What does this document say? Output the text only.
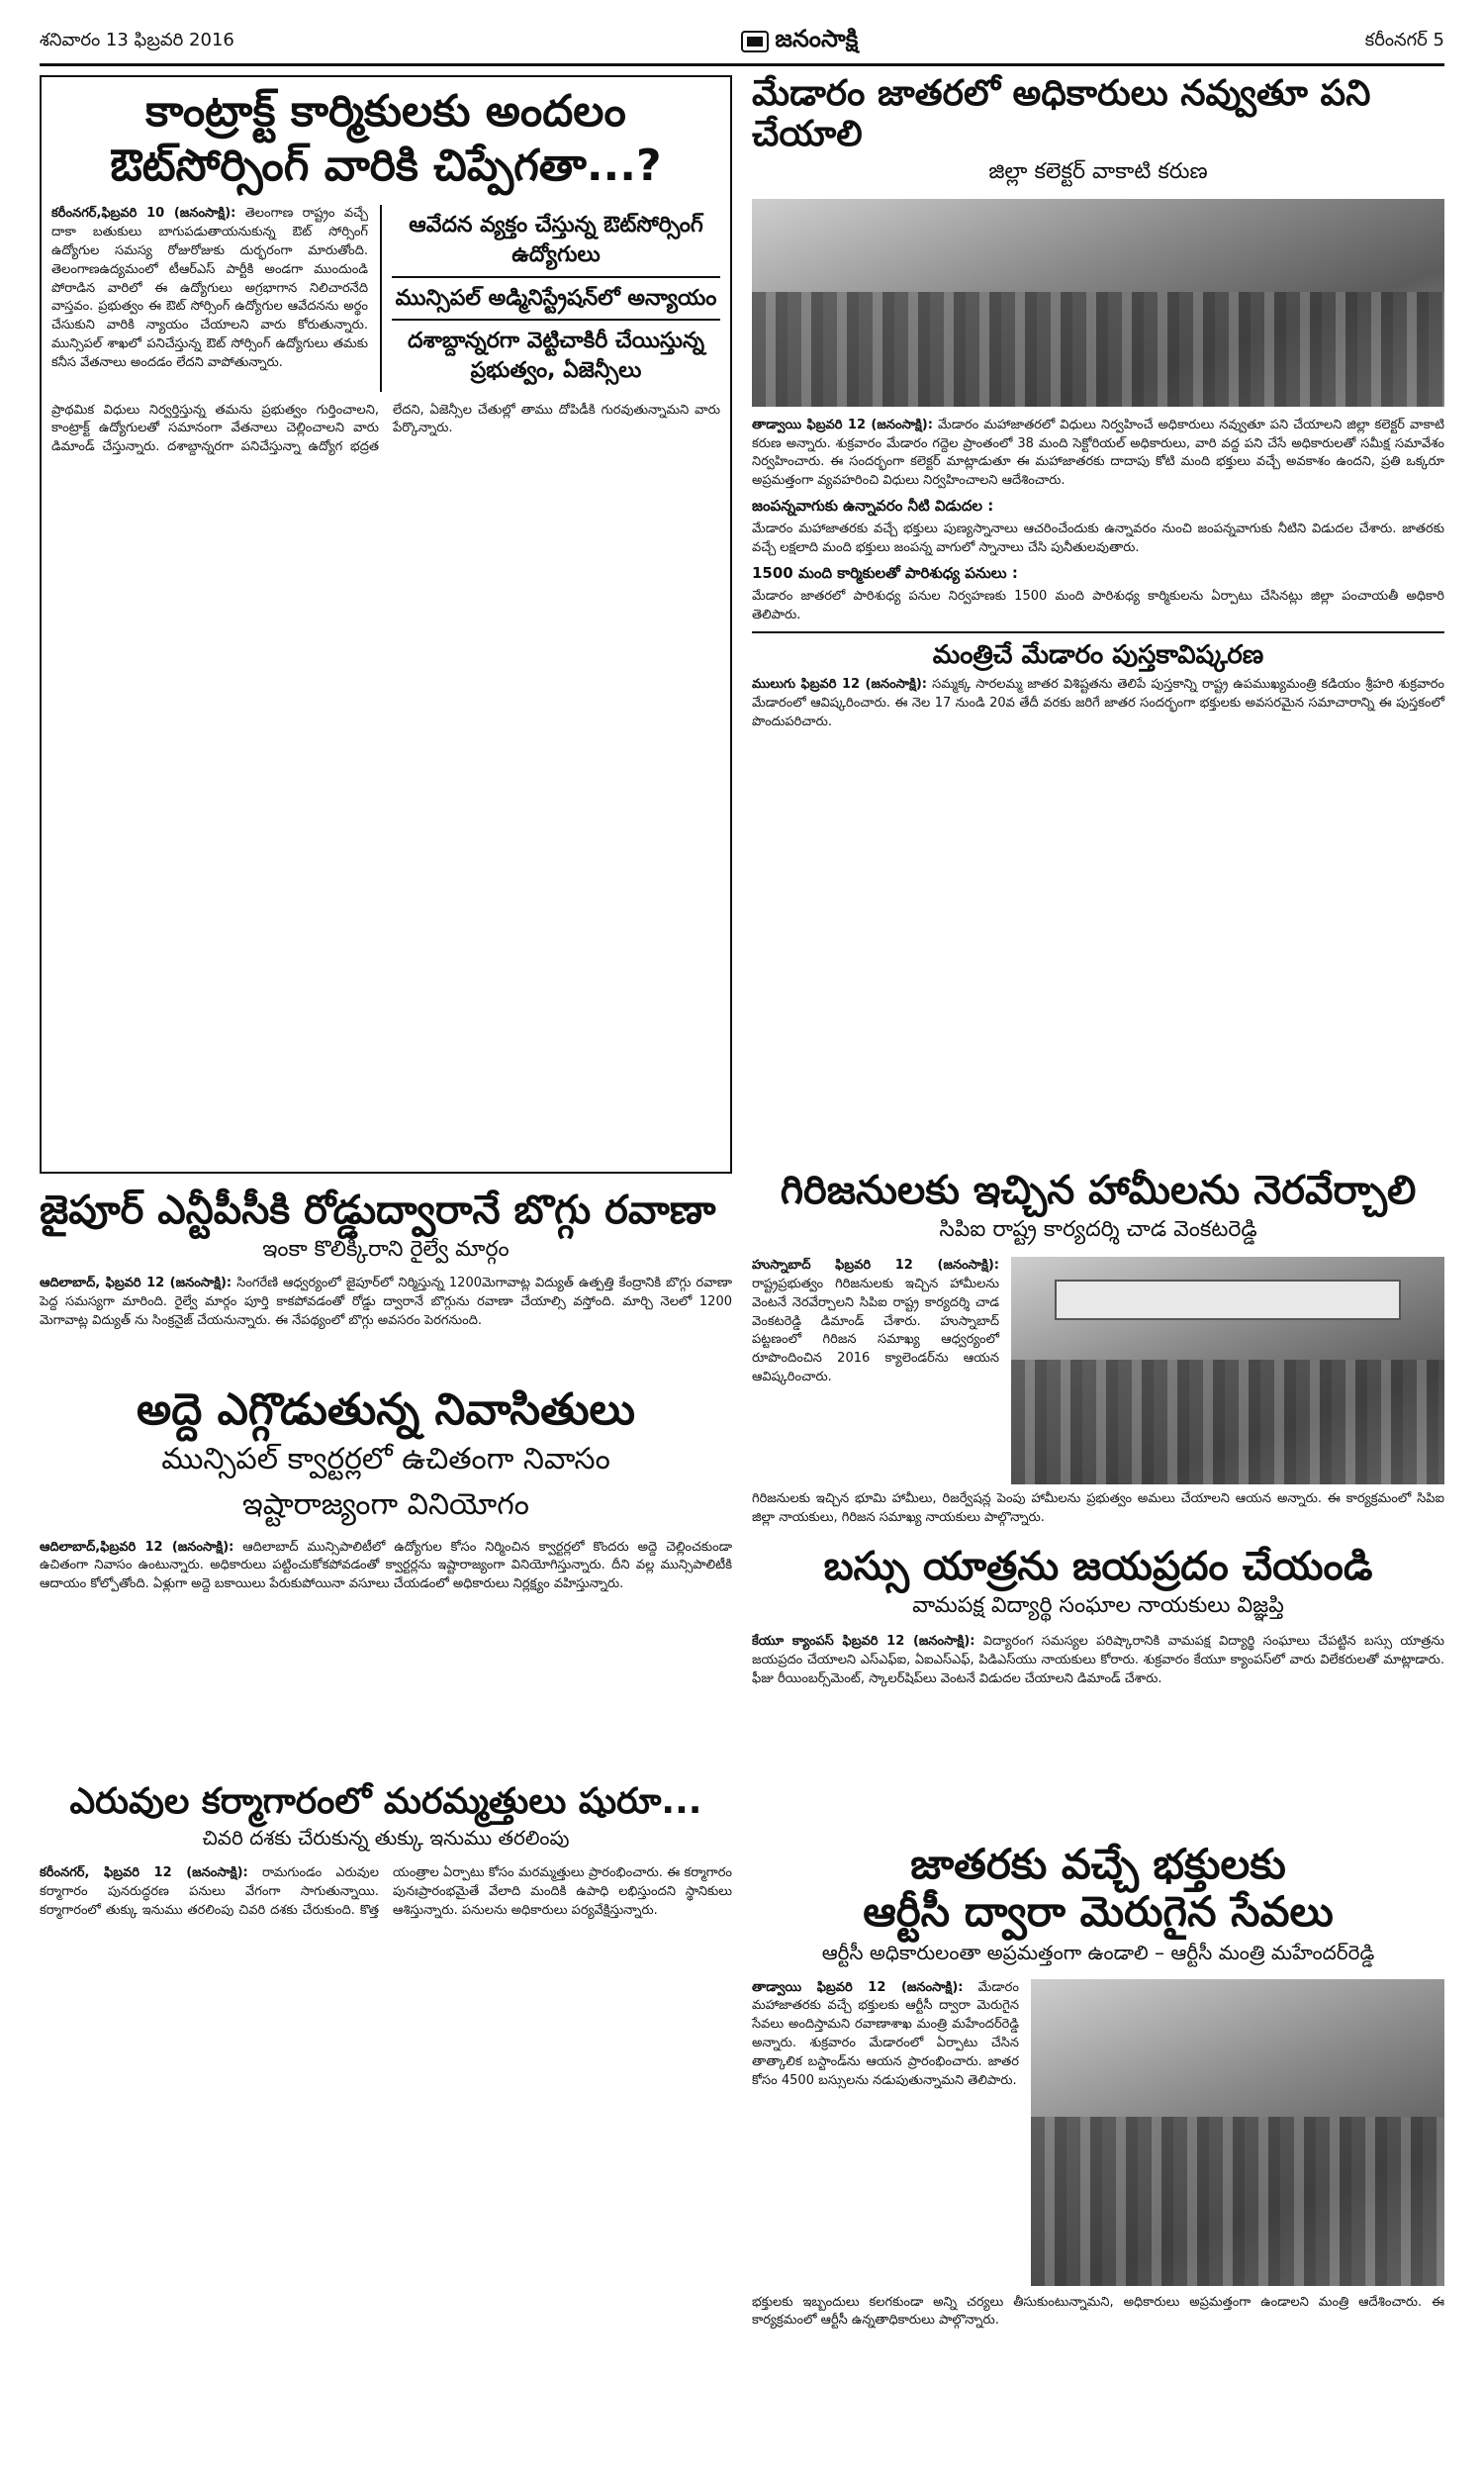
శనివారం 13 ఫిబ్రవరి 2016	జనంసాక్షి	కరీంనగర్ 5
కాంట్రాక్ట్ కార్మికులకు అందలం
ఔట్‌సోర్సింగ్ వారికి చిప్పేగతా...?
కరీంనగర్,ఫిబ్రవరి 10 (జనంసాక్షి): తెలంగాణ రాష్ట్రం వచ్చే దాకా బతుకులు బాగుపడుతాయనుకున్న ఔట్ సోర్సింగ్ ఉద్యోగుల సమస్య రోజురోజుకు దుర్భరంగా మారుతోంది. తెలంగాణఉద్యమంలో టీఆర్ఎస్ పార్టీకి అండగా ముందుండి పోరాడిన వారిలో ఈ ఉద్యోగులు అగ్రభాగాన నిలిచారనేది వాస్తవం. ప్రభుత్వం ఈ ఔట్ సోర్సింగ్ ఉద్యోగుల ఆవేదనను అర్థం చేసుకుని వారికి న్యాయం చేయాలని వారు కోరుతున్నారు. మున్సిపల్ శాఖలో పనిచేస్తున్న ఔట్ సోర్సింగ్ ఉద్యోగులు తమకు కనీస వేతనాలు అందడం లేదని వాపోతున్నారు.
ఆవేదన వ్యక్తం చేస్తున్న ఔట్‌సోర్సింగ్ ఉద్యోగులు
మున్సిపల్ అడ్మినిస్ట్రేషన్‌లో అన్యాయం
దశాబ్దాన్నరగా వెట్టిచాకిరీ చేయిస్తున్న ప్రభుత్వం, ఏజెన్సీలు
ప్రాథమిక విధులు నిర్వర్తిస్తున్న తమను ప్రభుత్వం గుర్తించాలని, కాంట్రాక్ట్ ఉద్యోగులతో సమానంగా వేతనాలు చెల్లించాలని వారు డిమాండ్ చేస్తున్నారు. దశాబ్దాన్నరగా పనిచేస్తున్నా ఉద్యోగ భద్రత లేదని, ఏజెన్సీల చేతుల్లో తాము దోపిడీకి గురవుతున్నామని వారు పేర్కొన్నారు.
మేడారం జాతరలో అధికారులు నవ్వుతూ పని చేయాలి
జిల్లా కలెక్టర్ వాకాటి కరుణ
తాడ్వాయి ఫిబ్రవరి 12 (జనంసాక్షి): మేడారం మహాజాతరలో విధులు నిర్వహించే అధికారులు నవ్వుతూ పని చేయాలని జిల్లా కలెక్టర్ వాకాటి కరుణ అన్నారు. శుక్రవారం మేడారం గద్దెల ప్రాంతంలో 38 మంది సెక్టోరియల్ అధికారులు, వారి వద్ద పని చేసే అధికారులతో సమీక్ష సమావేశం నిర్వహించారు. ఈ సందర్భంగా కలెక్టర్ మాట్లాడుతూ ఈ మహాజాతరకు దాదాపు కోటి మంది భక్తులు వచ్చే అవకాశం ఉందని, ప్రతి ఒక్కరూ అప్రమత్తంగా వ్యవహరించి విధులు నిర్వహించాలని ఆదేశించారు.
జంపన్నవాగుకు ఉన్నావరం నీటి విడుదల :
మేడారం మహాజాతరకు వచ్చే భక్తులు పుణ్యస్నానాలు ఆచరించేందుకు ఉన్నావరం నుంచి జంపన్నవాగుకు నీటిని విడుదల చేశారు. జాతరకు వచ్చే లక్షలాది మంది భక్తులు జంపన్న వాగులో స్నానాలు చేసి పునీతులవుతారు.
1500 మంది కార్మికులతో పారిశుధ్య పనులు :
మేడారం జాతరలో పారిశుధ్య పనుల నిర్వహణకు 1500 మంది పారిశుధ్య కార్మికులను ఏర్పాటు చేసినట్లు జిల్లా పంచాయతీ అధికారి తెలిపారు.
మంత్రిచే మేడారం పుస్తకావిష్కరణ
ములుగు ఫిబ్రవరి 12 (జనంసాక్షి): సమ్మక్క సారలమ్మ జాతర విశిష్టతను తెలిపే పుస్తకాన్ని రాష్ట్ర ఉపముఖ్యమంత్రి కడియం శ్రీహరి శుక్రవారం మేడారంలో ఆవిష్కరించారు. ఈ నెల 17 నుండి 20వ తేదీ వరకు జరిగే జాతర సందర్భంగా భక్తులకు అవసరమైన సమాచారాన్ని ఈ పుస్తకంలో పొందుపరిచారు.
జైపూర్ ఎన్టీపీసీకి రోడ్డుద్వారానే బొగ్గు రవాణా
ఇంకా కొలిక్కిరాని రైల్వే మార్గం
ఆదిలాబాద్, ఫిబ్రవరి 12 (జనంసాక్షి): సింగరేణి ఆధ్వర్యంలో జైపూర్‌లో నిర్మిస్తున్న 1200మెగావాట్ల విద్యుత్ ఉత్పత్తి కేంద్రానికి బొగ్గు రవాణా పెద్ద సమస్యగా మారింది. రైల్వే మార్గం పూర్తి కాకపోవడంతో రోడ్డు ద్వారానే బొగ్గును రవాణా చేయాల్సి వస్తోంది. మార్చి నెలలో 1200 మెగావాట్ల విద్యుత్ ను సింక్రనైజ్ చేయనున్నారు. ఈ నేపథ్యంలో బొగ్గు అవసరం పెరగనుంది.
గిరిజనులకు ఇచ్చిన హామీలను నెరవేర్చాలి
సిపిఐ రాష్ట్ర కార్యదర్శి చాడ వెంకటరెడ్డి
హుస్నాబాద్ ఫిబ్రవరి 12 (జనంసాక్షి): రాష్ట్రప్రభుత్వం గిరిజనులకు ఇచ్చిన హామీలను వెంటనే నెరవేర్చాలని సిపిఐ రాష్ట్ర కార్యదర్శి చాడ వెంకటరెడ్డి డిమాండ్ చేశారు. హుస్నాబాద్ పట్టణంలో గిరిజన సమాఖ్య ఆధ్వర్యంలో రూపొందించిన 2016 క్యాలెండర్‌ను ఆయన ఆవిష్కరించారు.
గిరిజనులకు ఇచ్చిన భూమి హామీలు, రిజర్వేషన్ల పెంపు హామీలను ప్రభుత్వం అమలు చేయాలని ఆయన అన్నారు. ఈ కార్యక్రమంలో సిపిఐ జిల్లా నాయకులు, గిరిజన సమాఖ్య నాయకులు పాల్గొన్నారు.
అద్దె ఎగ్గొడుతున్న నివాసితులు
మున్సిపల్ క్వార్టర్లలో ఉచితంగా నివాసం
ఇష్టారాజ్యంగా వినియోగం
ఆదిలాబాద్,ఫిబ్రవరి 12 (జనంసాక్షి): ఆదిలాబాద్ మున్సిపాలిటీలో ఉద్యోగుల కోసం నిర్మించిన క్వార్టర్లలో కొందరు అద్దె చెల్లించకుండా ఉచితంగా నివాసం ఉంటున్నారు. అధికారులు పట్టించుకోకపోవడంతో క్వార్టర్లను ఇష్టారాజ్యంగా వినియోగిస్తున్నారు. దీని వల్ల మున్సిపాలిటీకి ఆదాయం కోల్పోతోంది. ఏళ్లుగా అద్దె బకాయిలు పేరుకుపోయినా వసూలు చేయడంలో అధికారులు నిర్లక్ష్యం వహిస్తున్నారు.	బస్సు యాత్రను జయప్రదం చేయండి
వామపక్ష విద్యార్థి సంఘాల నాయకులు విజ్ఞప్తి
కేయూ క్యాంపస్ ఫిబ్రవరి 12 (జనంసాక్షి): విద్యారంగ సమస్యల పరిష్కారానికి వామపక్ష విద్యార్థి సంఘాలు చేపట్టిన బస్సు యాత్రను జయప్రదం చేయాలని ఎస్ఎఫ్ఐ, ఏఐఎస్ఎఫ్, పిడిఎస్‌యు నాయకులు కోరారు. శుక్రవారం కేయూ క్యాంపస్‌లో వారు విలేకరులతో మాట్లాడారు. ఫీజు రీయింబర్స్‌మెంట్, స్కాలర్‌షిప్‌లు వెంటనే విడుదల చేయాలని డిమాండ్ చేశారు.
ఎరువుల కర్మాగారంలో మరమ్మత్తులు షురూ...
చివరి దశకు చేరుకున్న తుక్కు ఇనుము తరలింపు
కరీంనగర్, ఫిబ్రవరి 12 (జనంసాక్షి): రామగుండం ఎరువుల కర్మాగారం పునరుద్ధరణ పనులు వేగంగా సాగుతున్నాయి. కర్మాగారంలో తుక్కు ఇనుము తరలింపు చివరి దశకు చేరుకుంది. కొత్త యంత్రాల ఏర్పాటు కోసం మరమ్మత్తులు ప్రారంభించారు. ఈ కర్మాగారం పునఃప్రారంభమైతే వేలాది మందికి ఉపాధి లభిస్తుందని స్థానికులు ఆశిస్తున్నారు. పనులను అధికారులు పర్యవేక్షిస్తున్నారు.
జాతరకు వచ్చే భక్తులకు
ఆర్టీసీ ద్వారా మెరుగైన సేవలు
ఆర్టీసీ అధికారులంతా అప్రమత్తంగా ఉండాలి – ఆర్టీసీ మంత్రి మహేందర్‌రెడ్డి
తాడ్వాయి ఫిబ్రవరి 12 (జనంసాక్షి): మేడారం మహాజాతరకు వచ్చే భక్తులకు ఆర్టీసీ ద్వారా మెరుగైన సేవలు అందిస్తామని రవాణాశాఖ మంత్రి మహేందర్‌రెడ్డి అన్నారు. శుక్రవారం మేడారంలో ఏర్పాటు చేసిన తాత్కాలిక బస్టాండ్‌ను ఆయన ప్రారంభించారు. జాతర కోసం 4500 బస్సులను నడుపుతున్నామని తెలిపారు.
భక్తులకు ఇబ్బందులు కలగకుండా అన్ని చర్యలు తీసుకుంటున్నామని, అధికారులు అప్రమత్తంగా ఉండాలని మంత్రి ఆదేశించారు. ఈ కార్యక్రమంలో ఆర్టీసీ ఉన్నతాధికారులు పాల్గొన్నారు.
